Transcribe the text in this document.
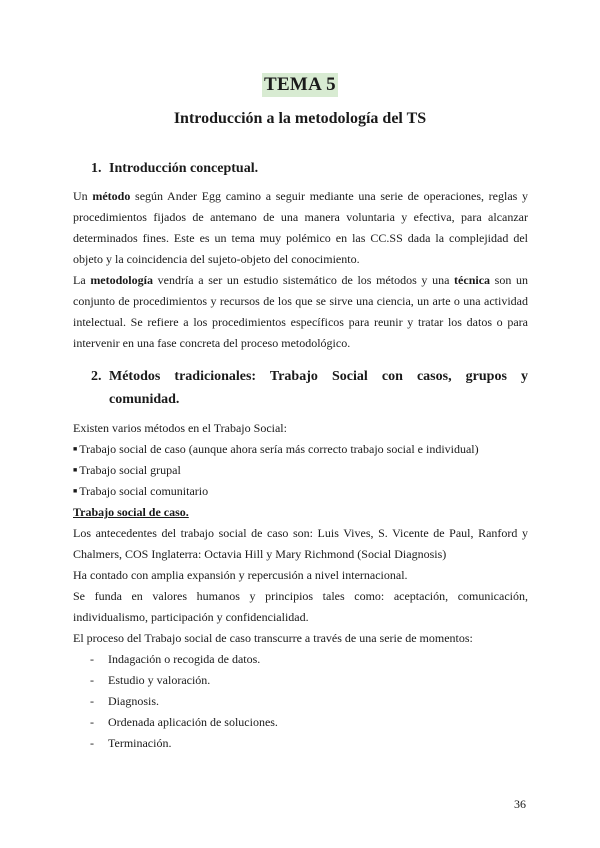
TEMA 5
Introducción a la metodología del TS
1. Introducción conceptual.
Un método según Ander Egg camino a seguir mediante una serie de operaciones, reglas y procedimientos fijados de antemano de una manera voluntaria y efectiva, para alcanzar determinados fines. Este es un tema muy polémico en las CC.SS dada la complejidad del objeto y la coincidencia del sujeto-objeto del conocimiento.
La metodología vendría a ser un estudio sistemático de los métodos y una técnica son un conjunto de procedimientos y recursos de los que se sirve una ciencia, un arte o una actividad intelectual. Se refiere a los procedimientos específicos para reunir y tratar los datos o para intervenir en una fase concreta del proceso metodológico.
2. Métodos tradicionales: Trabajo Social con casos, grupos y
comunidad.
Existen varios métodos en el Trabajo Social:
■ Trabajo social de caso (aunque ahora sería más correcto trabajo social e individual)
■ Trabajo social grupal
■ Trabajo social comunitario
Trabajo social de caso.
Los antecedentes del trabajo social de caso son: Luis Vives, S. Vicente de Paul, Ranford y Chalmers, COS Inglaterra: Octavia Hill y Mary Richmond (Social Diagnosis)
Ha contado con amplia expansión y repercusión a nivel internacional.
Se funda en valores humanos y principios tales como: aceptación, comunicación, individualismo, participación y confidencialidad.
El proceso del Trabajo social de caso transcurre a través de una serie de momentos:
- Indagación o recogida de datos.
- Estudio y valoración.
- Diagnosis.
- Ordenada aplicación de soluciones.
- Terminación.
36
